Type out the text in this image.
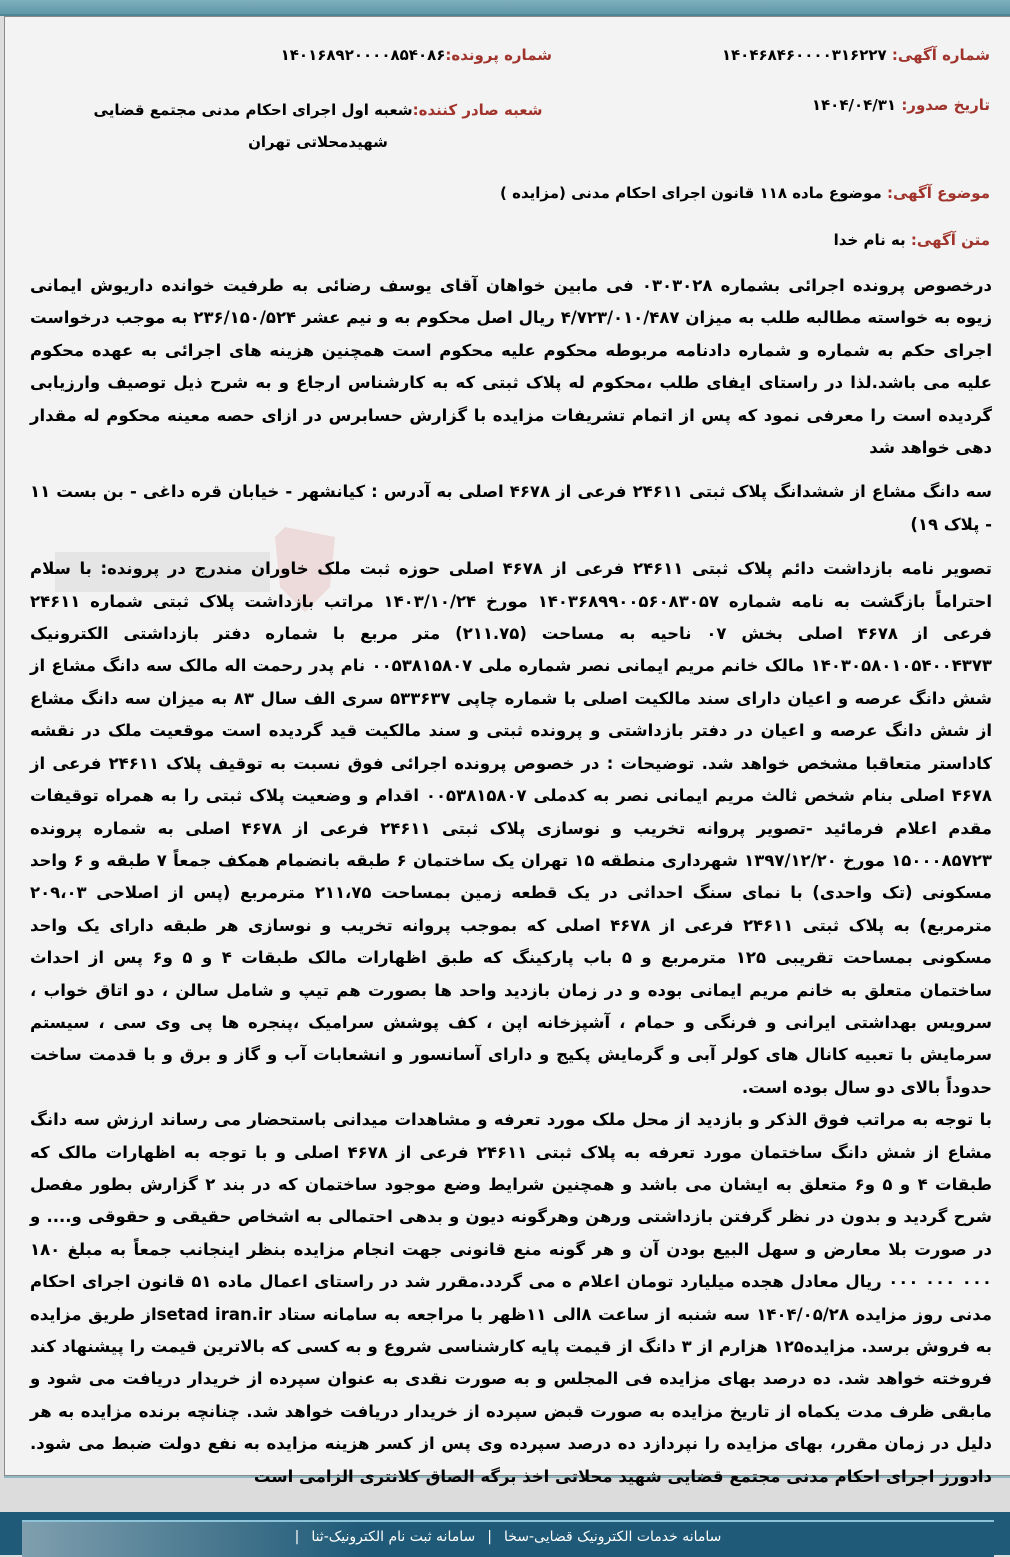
شماره آگهی: ۱۴۰۴۶۸۴۶۰۰۰۰۳۱۶۲۲۷
شماره پرونده:۱۴۰۱۶۸۹۲۰۰۰۰۸۵۴۰۸۶
تاریخ صدور: ۱۴۰۴/۰۴/۳۱
شعبه صادر کننده:شعبه اول اجرای احکام مدنی مجتمع قضایی شهیدمحلاتی تهران
موضوع آگهی: موضوع ماده ۱۱۸ قانون اجرای احکام مدنی (مزایده )
متن آگهی: به نام خدا

درخصوص پرونده اجرائی بشماره ۰۳۰۳۰۲۸ فی مابین خواهان آقای یوسف رضائی به طرفیت خوانده داریوش ایمانی زیوه به خواسته مطالبه طلب به میزان ۴/۷۲۳/۰۱۰/۴۸۷ ریال اصل محکوم به و نیم عشر ۲۳۶/۱۵۰/۵۲۴ به موجب درخواست اجرای حکم به شماره و شماره دادنامه مربوطه محکوم علیه محکوم است همچنین هزینه های اجرائی به عهده محکوم علیه می باشد.لذا در راستای ایفای طلب ،محکوم له پلاک ثبتی که به کارشناس ارجاع و به شرح ذیل توصیف وارزیابی گردیده است را معرفی نمود که پس از اتمام تشریفات مزایده با گزارش حسابرس در ازای حصه معینه محکوم له مقدار دهی خواهد شد

سه دانگ مشاع از ششدانگ پلاک ثبتی ۲۴۶۱۱ فرعی از ۴۶۷۸ اصلی به آدرس : کیانشهر - خیابان قره داغی - بن بست ۱۱ - پلاک ۱۹)

تصویر نامه بازداشت دائم پلاک ثبتی ۲۴۶۱۱ فرعی از ۴۶۷۸ اصلی حوزه ثبت ملک خاوران مندرج در پرونده: با سلام احتراماً بازگشت به نامه شماره ۱۴۰۳۶۸۹۹۰۰۵۶۰۸۳۰۵۷ مورخ ۱۴۰۳/۱۰/۲۴ مراتب بازداشت پلاک ثبتی شماره ۲۴۶۱۱ فرعی از ۴۶۷۸ اصلی بخش ۰۷ ناحیه به مساحت (۲۱۱.۷۵) متر مربع با شماره دفتر بازداشتی الکترونیک ۱۴۰۳۰۵۸۰۱۰۵۴۰۰۴۳۷۳ مالک خانم مریم ایمانی نصر شماره ملی ۰۰۵۳۸۱۵۸۰۷ نام پدر رحمت اله مالک سه دانگ مشاع از شش دانگ عرصه و اعیان دارای سند مالکیت اصلی با شماره چاپی ۵۳۳۶۳۷ سری الف سال ۸۳ به میزان سه دانگ مشاع از شش دانگ عرصه و اعیان در دفتر بازداشتی و پرونده ثبتی و سند مالکیت قید گردیده است موقعیت ملک در نقشه کاداستر متعاقبا مشخص خواهد شد. توضیحات : در خصوص پرونده اجرائی فوق نسبت به توقیف پلاک ۲۴۶۱۱ فرعی از ۴۶۷۸ اصلی بنام شخص ثالث مریم ایمانی نصر به کدملی ۰۰۵۳۸۱۵۸۰۷ اقدام و وضعیت پلاک ثبتی را به همراه توقیفات مقدم اعلام فرمائید -تصویر پروانه تخریب و نوسازی پلاک ثبتی ۲۴۶۱۱ فرعی از ۴۶۷۸ اصلی به شماره پرونده ۱۵۰۰۰۸۵۷۲۳ مورخ ۱۳۹۷/۱۲/۲۰ شهرداری منطقه ۱۵ تهران یک ساختمان ۶ طبقه بانضمام همکف جمعاً ۷ طبقه و ۶ واحد مسکونی (تک واحدی) با نمای سنگ احداثی در یک قطعه زمین بمساحت ۲۱۱،۷۵ مترمربع (پس از اصلاحی ۲۰۹،۰۳ مترمربع) به پلاک ثبتی ۲۴۶۱۱ فرعی از ۴۶۷۸ اصلی که بموجب پروانه تخریب و نوسازی هر طبقه دارای یک واحد مسکونی بمساحت تقریبی ۱۲۵ مترمربع و ۵ باب پارکینگ که طبق اظهارات مالک طبقات ۴ و ۵ و۶ پس از احداث ساختمان متعلق به خانم مریم ایمانی بوده و در زمان بازدید واحد ها بصورت هم تیپ و شامل سالن ، دو اتاق خواب ، سرویس بهداشتی ایرانی و فرنگی و حمام ، آشپزخانه اپن ، کف پوشش سرامیک ،پنجره ها پی وی سی ، سیستم سرمایش با تعبیه کانال های کولر آبی و گرمایش پکیج و دارای آسانسور و انشعابات آب و گاز و برق و با قدمت ساخت حدوداً بالای دو سال بوده است.

با توجه به مراتب فوق الذکر و بازدید از محل ملک مورد تعرفه و مشاهدات میدانی باستحضار می رساند ارزش سه دانگ مشاع از شش دانگ ساختمان مورد تعرفه به پلاک ثبتی ۲۴۶۱۱ فرعی از ۴۶۷۸ اصلی و با توجه به اظهارات مالک که طبقات ۴ و ۵ و۶ متعلق به ایشان می باشد و همچنین شرایط وضع موجود ساختمان که در بند ۲ گزارش بطور مفصل شرح گردید و بدون در نظر گرفتن بازداشتی ورهن وهرگونه دیون و بدهی احتمالی به اشخاص حقیقی و حقوقی و.... و در صورت بلا معارض و سهل البیع بودن آن و هر گونه منع قانونی جهت انجام مزایده بنظر اینجانب جمعاً به مبلغ ۱۸۰ ۰۰۰ ۰۰۰ ۰۰۰ ریال معادل هجده میلیارد تومان اعلام ه می گردد.مقرر شد در راستای اعمال ماده ۵۱ قانون اجرای احکام مدنی روز مزایده ۱۴۰۴/۰۵/۲۸ سه شنبه از ساعت ۸الی ۱۱ظهر با مراجعه به سامانه ستاد setad iran.irاز طریق مزایده به فروش برسد. مزایده۱۲۵ هزارم از ۳ دانگ از قیمت پایه کارشناسی شروع و به کسی که بالاترین قیمت را پیشنهاد کند فروخته خواهد شد. ده درصد بهای مزایده فی المجلس و به صورت نقدی به عنوان سپرده از خریدار دریافت می شود و مابقی ظرف مدت یکماه از تاریخ مزایده به صورت قبض سپرده از خریدار دریافت خواهد شد. چنانچه برنده مزایده به هر دلیل در زمان مقرر، بهای مزایده را نپردازد ده درصد سپرده وی پس از کسر هزینه مزایده به نفع دولت ضبط می شود. دادورز اجرای احکام مدنی مجتمع قضایی شهید محلاتی اخذ برگه الصاق کلانتری الزامی است

سامانه خدمات الکترونیک قضایی-سخا|سامانه ثبت نام الکترونیک-ثنا|
